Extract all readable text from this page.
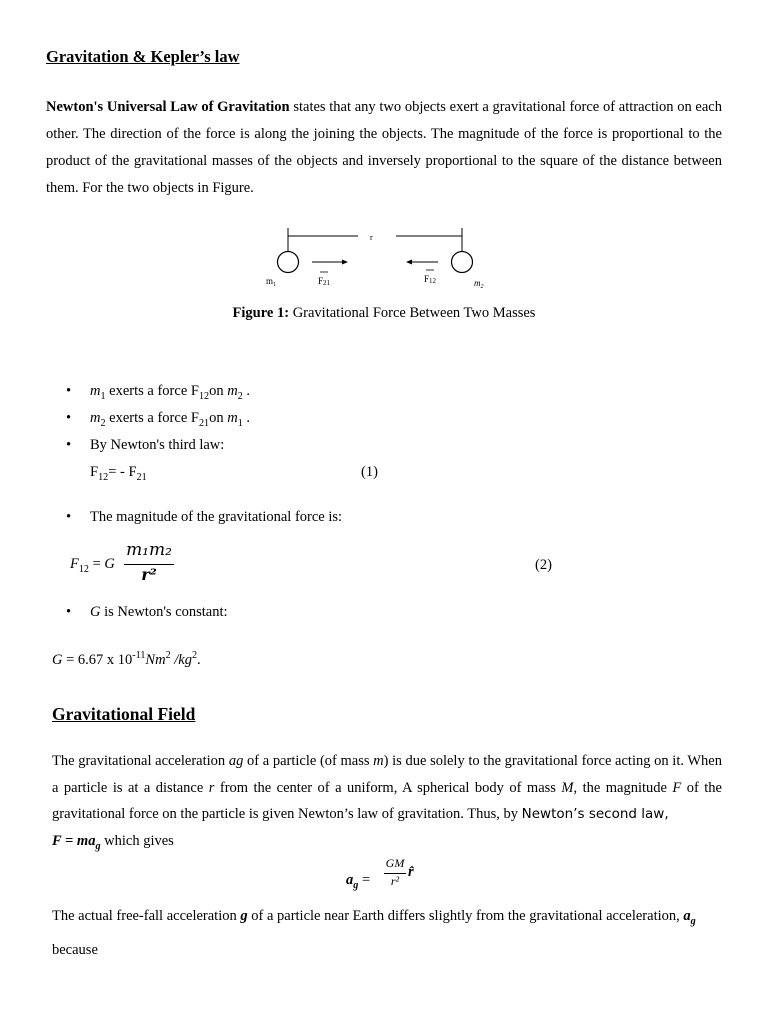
Gravitation & Kepler’s law
Newton's Universal Law of Gravitation states that any two objects exert a gravitational force of attraction on each other. The direction of the force is along the joining the objects. The magnitude of the force is proportional to the product of the gravitational masses of the objects and inversely proportional to the square of the distance between them. For the two objects in Figure.
r
$m_1$	F21	F12	$m_2$
Figure 1: Gravitational Force Between Two Masses
• $m_1$ exerts a force $F_{12}on$ $m_2$ .
• $m_2$ exerts a force $F_{21}on$ $m_1$ .
• By Newton's third law:
$F_{12}= - F_{21}$	(1)
• The magnitude of the gravitational force is:
$F_{12} = G$
m₁m₂
r²	(2)
• G is Newton's constant:
G = 6.67 x $10^{-11}Nm^2$ $/kg^2$.
Gravitational Field
The gravitational acceleration ag of a particle (of mass m) is due solely to the gravitational force acting on it. When a particle is at a distance r from the center of a uniform, A spherical body of mass M, the magnitude F of the gravitational force on the particle is given Newton’s law of gravitation. Thus, by Newton’s second law,
$F = ma_g$ which gives
$a_g$ =
GM
r²
r̂
The actual free-fall acceleration g of a particle near Earth differs slightly from the gravitational acceleration, $a_g$
because
